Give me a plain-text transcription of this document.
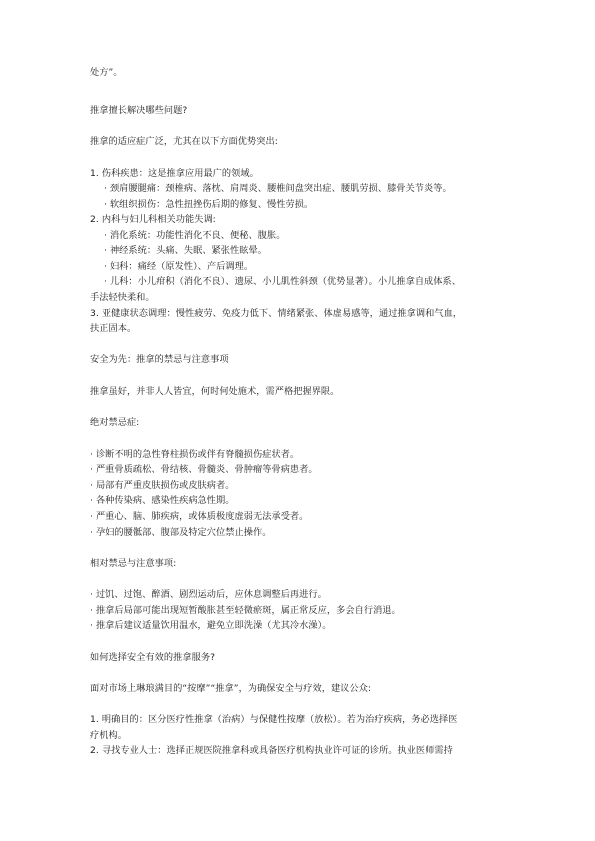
处方”。
推拿擅长解决哪些问题?
推拿的适应症广泛，尤其在以下方面优势突出:
1. 伤科疾患：这是推拿应用最广的领域。
· 颈肩腰腿痛：颈椎病、落枕、肩周炎、腰椎间盘突出症、腰肌劳损、膝骨关节炎等。
· 软组织损伤：急性扭挫伤后期的修复、慢性劳损。
2. 内科与妇儿科相关功能失调:
· 消化系统：功能性消化不良、便秘、腹胀。
· 神经系统：头痛、失眠、紧张性眩晕。
· 妇科：痛经（原发性）、产后调理。
· 儿科：小儿疳积（消化不良）、遗尿、小儿肌性斜颈（优势显著）。小儿推拿自成体系、
手法轻快柔和。
3. 亚健康状态调理：慢性疲劳、免疫力低下、情绪紧张、体虚易感等，通过推拿调和气血，
扶正固本。
安全为先：推拿的禁忌与注意事项
推拿虽好，并非人人皆宜，何时何处施术，需严格把握界限。
绝对禁忌症:
· 诊断不明的急性脊柱损伤或伴有脊髓损伤症状者。
· 严重骨质疏松、骨结核、骨髓炎、骨肿瘤等骨病患者。
· 局部有严重皮肤损伤或皮肤病者。
· 各种传染病、感染性疾病急性期。
· 严重心、脑、肺疾病，或体质极度虚弱无法承受者。
· 孕妇的腰骶部、腹部及特定穴位禁止操作。
相对禁忌与注意事项:
· 过饥、过饱、醉酒、剧烈运动后，应休息调整后再进行。
· 推拿后局部可能出现短暂酸胀甚至轻微瘀斑，属正常反应，多会自行消退。
· 推拿后建议适量饮用温水，避免立即洗澡（尤其冷水澡）。
如何选择安全有效的推拿服务?
面对市场上琳琅满目的“按摩”“推拿”，为确保安全与疗效，建议公众:
1. 明确目的：区分医疗性推拿（治病）与保健性按摩（放松）。若为治疗疾病，务必选择医
疗机构。
2. 寻找专业人士：选择正规医院推拿科或具备医疗机构执业许可证的诊所。执业医师需持
